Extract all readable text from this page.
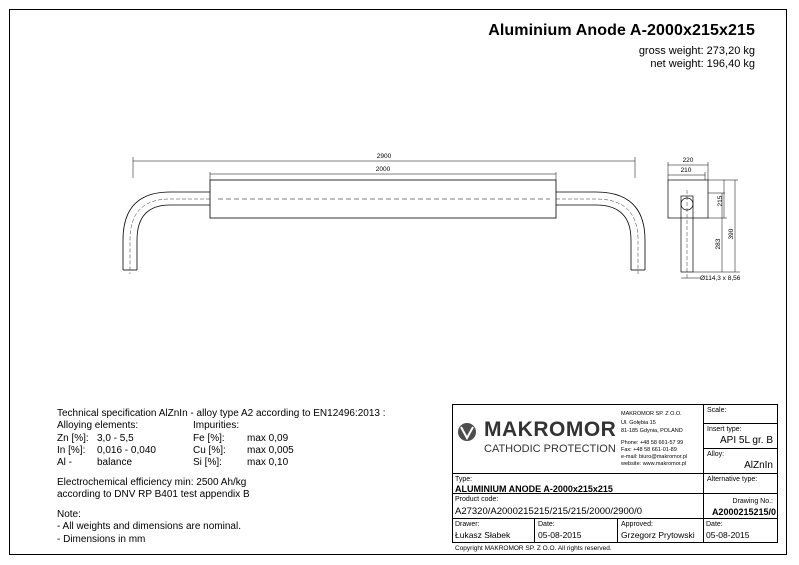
Aluminium Anode A-2000x215x215
gross weight: 273,20 kg
net weight: 196,40 kg
2900
2000
220
210
215
283
390
Ø114,3 x 8,56
Technical specification AlZnIn - alloy type A2 according to EN12496:2013 :
Alloying elements:	Impurities:
Zn [%]: 3,0 - 5,5	Fe [%]: max 0,09
In [%]: 0,016 - 0,040	Cu [%]: max 0,005
Al -	balance	Si [%]:	max 0,10
Electrochemical efficiency min: 2500 Ah/kg
according to DNV RP B401 test appendix B
Note:
- All weights and dimensions are nominal.
- Dimensions in mm
MAKROMOR
CATHODIC PROTECTION
MAKROMOR SP. Z O.O.
Ul. Gołębia 15
81-185 Gdynia, POLAND
Phone: +48 58 661-57 99
Fax: +48 58 661-01-89
e-mail: biuro@makromor.pl
website: www.makromor.pl
Scale:
Insert type:
API 5L gr. B
Alloy:
AlZnIn
Type:
ALUMINIUM ANODE A-2000x215x215
Alternative type:
Product code:
A27320/A2000215215/215/215/2000/2900/0
Drawing No.:
A2000215215/0
Drawer:
Łukasz Słabek
Date:
05-08-2015
Approved:
Grzegorz Prytowski
Date:
05-08-2015
Copyright MAKROMOR SP. Z O.O. All rights reserved.
